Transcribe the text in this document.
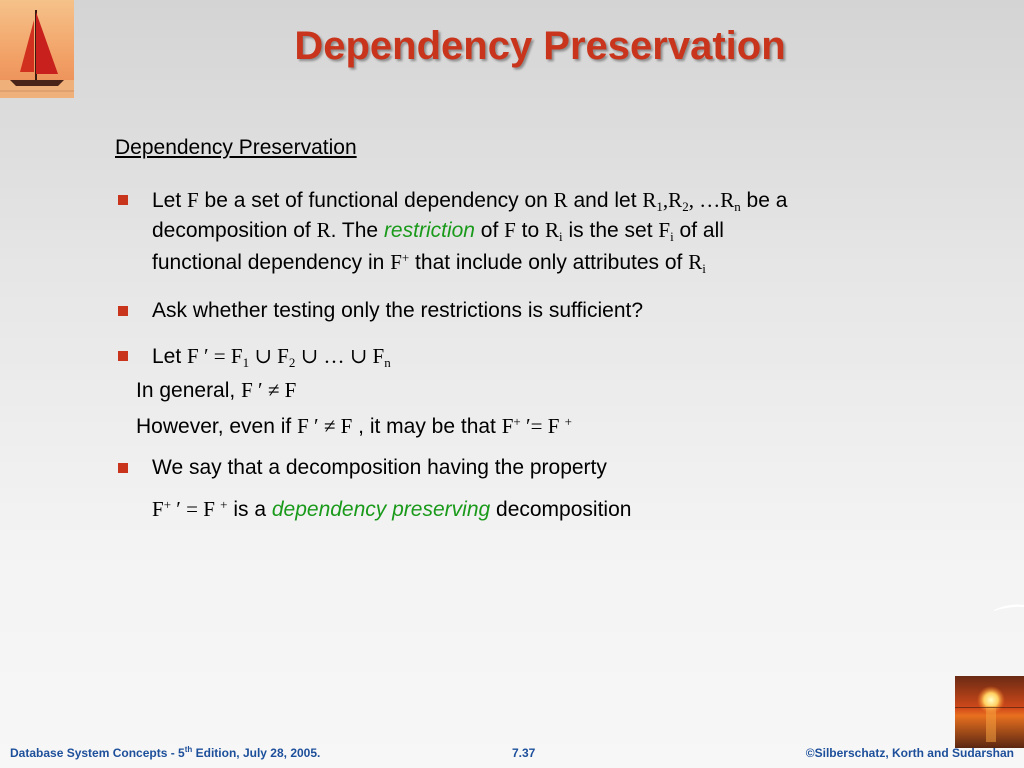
Dependency Preservation
Dependency Preservation
Let F be a set of functional dependency on R and let $R_1,R_2$, $\dots R_n$ be a
decomposition of R. The restriction of F to $R_i$ is the set $F_i$ of all
functional dependency in F+ that include only attributes of $R_i$
Ask whether testing only the restrictions is sufficient?
Let F ′ = $F_1$ ∪ $F_2$ ∪ … ∪ $F_n$
In general, F ′ ≠ F
However, even if F ′ ≠ F , it may be that F+ ′= F +
We say that a decomposition having the property
F+ ′ = F + is a dependency preserving decomposition
Database System Concepts - 5th Edition, July 28, 2005.	7.37	©Silberschatz, Korth and Sudarshan
